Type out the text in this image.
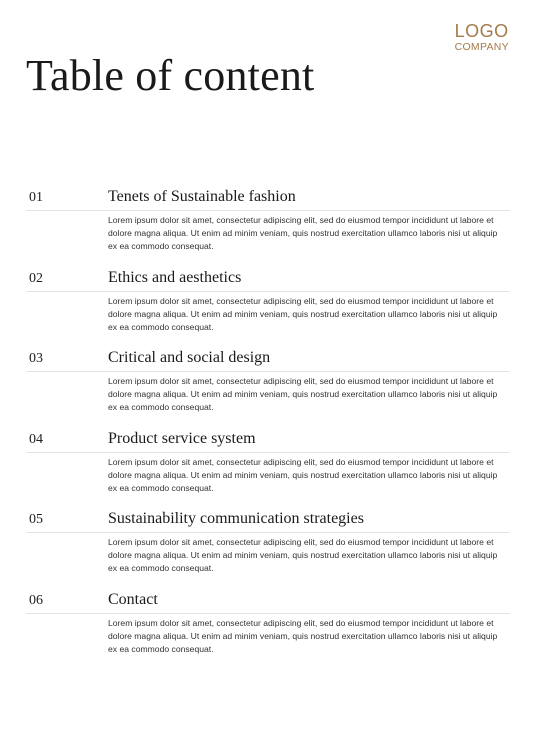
LOGO
COMPANY
Table of content
01	Tenets of Sustainable fashion
Lorem ipsum dolor sit amet, consectetur adipiscing elit, sed do eiusmod tempor incididunt ut labore et dolore magna aliqua. Ut enim ad minim veniam, quis nostrud exercitation ullamco laboris nisi ut aliquip ex ea commodo consequat.
02	Ethics and aesthetics
Lorem ipsum dolor sit amet, consectetur adipiscing elit, sed do eiusmod tempor incididunt ut labore et dolore magna aliqua. Ut enim ad minim veniam, quis nostrud exercitation ullamco laboris nisi ut aliquip ex ea commodo consequat.
03	Critical and social design
Lorem ipsum dolor sit amet, consectetur adipiscing elit, sed do eiusmod tempor incididunt ut labore et dolore magna aliqua. Ut enim ad minim veniam, quis nostrud exercitation ullamco laboris nisi ut aliquip ex ea commodo consequat.
04	Product service system
Lorem ipsum dolor sit amet, consectetur adipiscing elit, sed do eiusmod tempor incididunt ut labore et dolore magna aliqua. Ut enim ad minim veniam, quis nostrud exercitation ullamco laboris nisi ut aliquip ex ea commodo consequat.
05	Sustainability communication strategies
Lorem ipsum dolor sit amet, consectetur adipiscing elit, sed do eiusmod tempor incididunt ut labore et dolore magna aliqua. Ut enim ad minim veniam, quis nostrud exercitation ullamco laboris nisi ut aliquip ex ea commodo consequat.
06	Contact
Lorem ipsum dolor sit amet, consectetur adipiscing elit, sed do eiusmod tempor incididunt ut labore et dolore magna aliqua. Ut enim ad minim veniam, quis nostrud exercitation ullamco laboris nisi ut aliquip ex ea commodo consequat.
